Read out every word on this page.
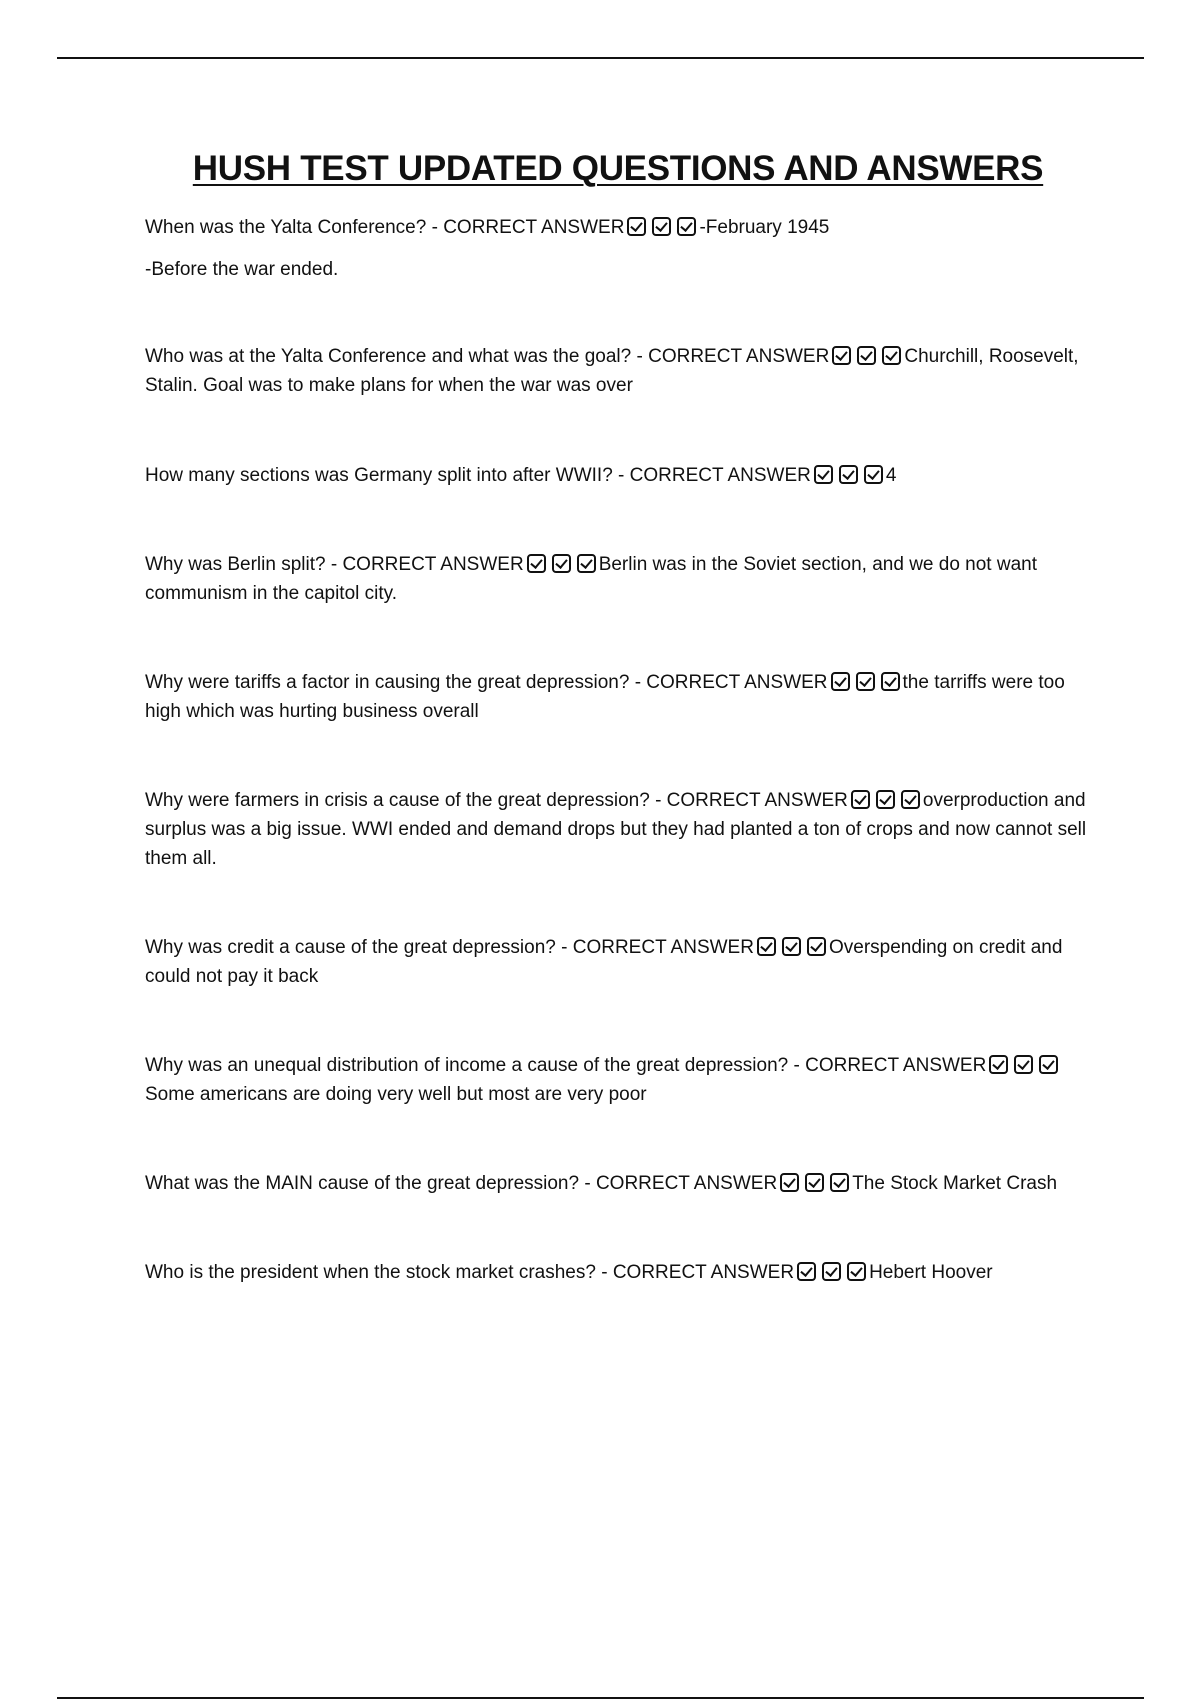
HUSH TEST UPDATED QUESTIONS AND ANSWERS

When was the Yalta Conference? - CORRECT ANSWER	-February 1945

-Before the war ended.

Who was at the Yalta Conference and what was the goal? - CORRECT ANSWER	Churchill, Roosevelt, Stalin. Goal was to make plans for when the war was over

How many sections was Germany split into after WWII? - CORRECT ANSWER	4

Why was Berlin split? - CORRECT ANSWER	Berlin was in the Soviet section, and we do not want communism in the capitol city.

Why were tariffs a factor in causing the great depression? - CORRECT ANSWER	the tarriffs were too high which was hurting business overall

Why were farmers in crisis a cause of the great depression? - CORRECT ANSWER	overproduction and surplus was a big issue. WWI ended and demand drops but they had planted a ton of crops and now cannot sell them all.

Why was credit a cause of the great depression? - CORRECT ANSWER	Overspending on credit and could not pay it back

Why was an unequal distribution of income a cause of the great depression? - CORRECT ANSWERSome americans are doing very well but most are very poor

What was the MAIN cause of the great depression? - CORRECT ANSWER	The Stock Market Crash

Who is the president when the stock market crashes? - CORRECT ANSWER	Hebert Hoover
